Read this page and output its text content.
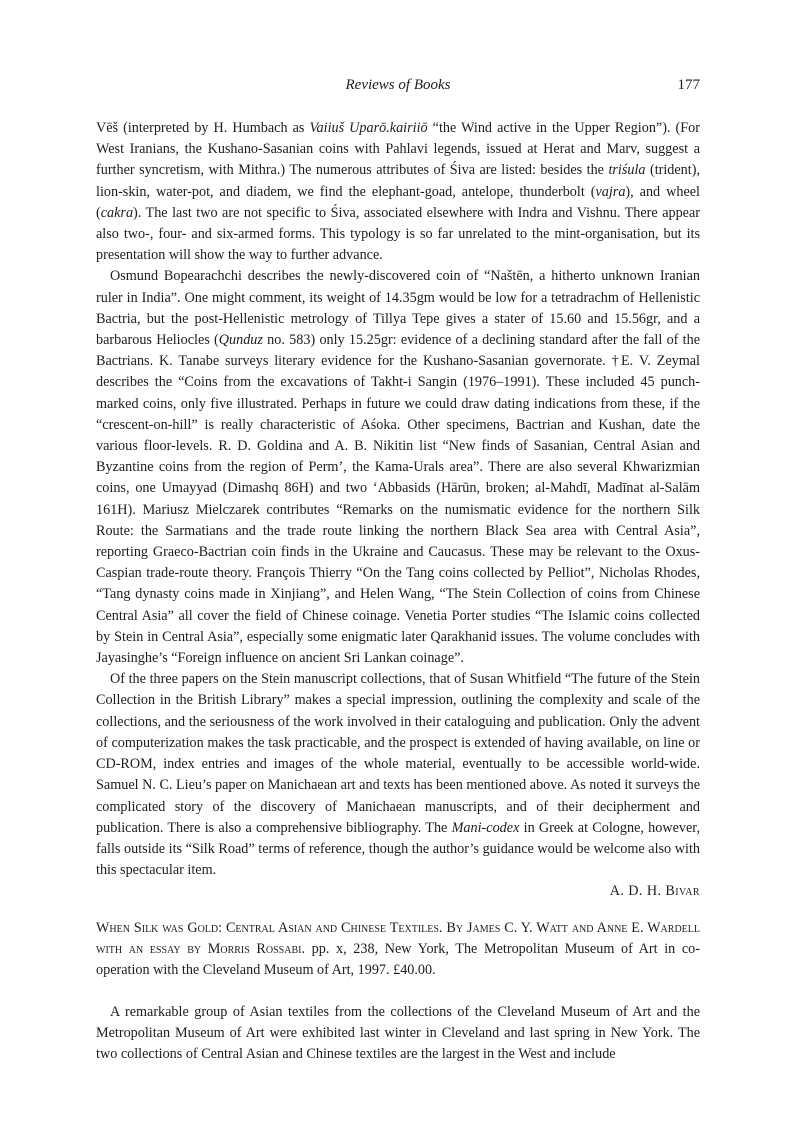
Reviews of Books	177

Vēš (interpreted by H. Humbach as Vaiiuš Uparō.kairiiō “the Wind active in the Upper Region”). (For West Iranians, the Kushano-Sasanian coins with Pahlavi legends, issued at Herat and Marv, suggest a further syncretism, with Mithra.) The numerous attributes of Śiva are listed: besides the triśula (trident), lion-skin, water-pot, and diadem, we find the elephant-goad, antelope, thunderbolt (vajra), and wheel (cakra). The last two are not specific to Śiva, associated elsewhere with Indra and Vishnu. There appear also two-, four- and six-armed forms. This typology is so far unrelated to the mint-organisation, but its presentation will show the way to further advance.

Osmund Bopearachchi describes the newly-discovered coin of “Naštēn, a hitherto unknown Iranian ruler in India”. One might comment, its weight of 14.35gm would be low for a tetradrachm of Hellenistic Bactria, but the post-Hellenistic metrology of Tillya Tepe gives a stater of 15.60 and 15.56gr, and a barbarous Heliocles (Qunduz no. 583) only 15.25gr: evidence of a declining standard after the fall of the Bactrians. K. Tanabe surveys literary evidence for the Kushano-Sasanian governorate. †E. V. Zeymal describes the “Coins from the excavations of Takht-i Sangin (1976–1991). These included 45 punch-marked coins, only five illustrated. Perhaps in future we could draw dating indications from these, if the “crescent-on-hill” is really characteristic of Aśoka. Other specimens, Bactrian and Kushan, date the various floor-levels. R. D. Goldina and A. B. Nikitin list “New finds of Sasanian, Central Asian and Byzantine coins from the region of Perm’, the Kama-Urals area”. There are also several Khwarizmian coins, one Umayyad (Dimashq 86H) and two ‘Abbasids (Hārūn, broken; al-Mahdī, Madīnat al-Salām 161H). Mariusz Mielczarek contributes “Remarks on the numismatic evidence for the northern Silk Route: the Sarmatians and the trade route linking the northern Black Sea area with Central Asia”, reporting Graeco-Bactrian coin finds in the Ukraine and Caucasus. These may be relevant to the Oxus-Caspian trade-route theory. François Thierry “On the Tang coins collected by Pelliot”, Nicholas Rhodes, “Tang dynasty coins made in Xinjiang”, and Helen Wang, “The Stein Collection of coins from Chinese Central Asia” all cover the field of Chinese coinage. Venetia Porter studies “The Islamic coins collected by Stein in Central Asia”, especially some enigmatic later Qarakhanid issues. The volume concludes with Jayasinghe’s “Foreign influence on ancient Sri Lankan coinage”.

Of the three papers on the Stein manuscript collections, that of Susan Whitfield “The future of the Stein Collection in the British Library” makes a special impression, outlining the complexity and scale of the collections, and the seriousness of the work involved in their cataloguing and publication. Only the advent of computerization makes the task practicable, and the prospect is extended of having available, on line or CD-ROM, index entries and images of the whole material, eventually to be accessible world-wide. Samuel N. C. Lieu’s paper on Manichaean art and texts has been mentioned above. As noted it surveys the complicated story of the discovery of Manichaean manuscripts, and of their decipherment and publication. There is also a comprehensive bibliography. The Mani-codex in Greek at Cologne, however, falls outside its “Silk Road” terms of reference, though the author’s guidance would be welcome also with this spectacular item.

A. D. H. Bivar

When Silk was Gold: Central Asian and Chinese Textiles. By James C. Y. Watt and Anne E. Wardell with an essay by Morris Rossabi. pp. x, 238, New York, The Metropolitan Museum of Art in co-operation with the Cleveland Museum of Art, 1997. £40.00.

A remarkable group of Asian textiles from the collections of the Cleveland Museum of Art and the Metropolitan Museum of Art were exhibited last winter in Cleveland and last spring in New York. The two collections of Central Asian and Chinese textiles are the largest in the West and include
